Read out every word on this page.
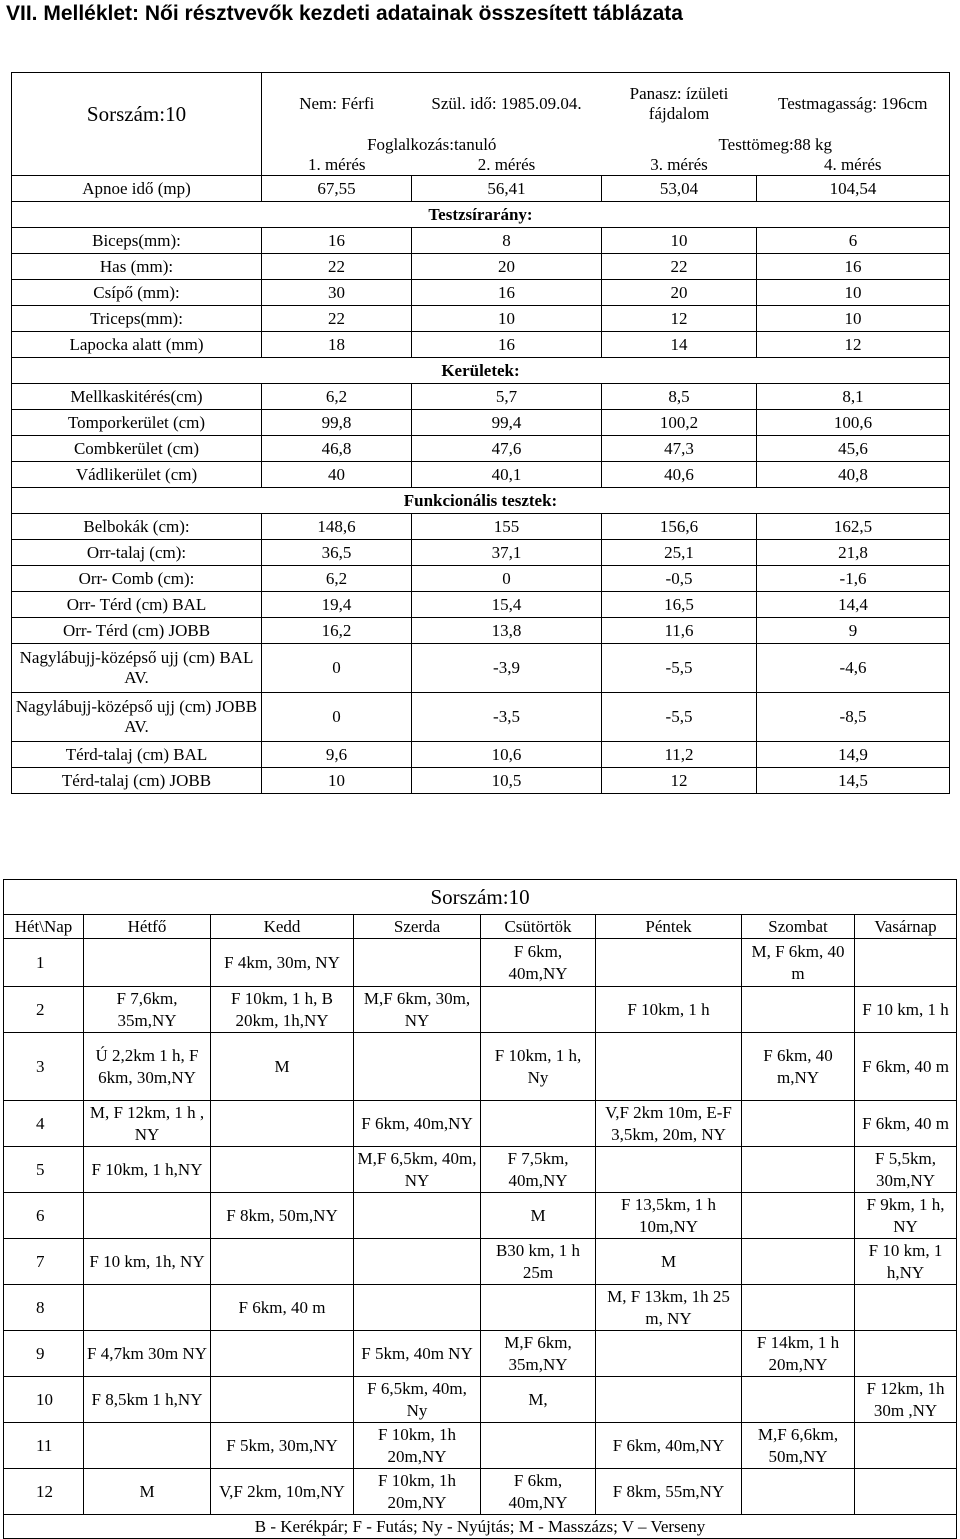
VII. Melléklet: Női résztvevők kezdeti adatainak összesített táblázata
Sorszám:10	Nem: Férfi	Szül. idő: 1985.09.04.	Panasz: ízületi fájdalom	Testmagasság: 196cm
	Foglalkozás:tanuló		Testtömeg:88 kg	
	1. mérés	2. mérés	3. mérés	4. mérés
Apnoe idő (mp)	67,55	56,41	53,04	104,54
Testzsírarány:				
Biceps(mm):	16	8	10	6
Has (mm):	22	20	22	16
Csípő (mm):	30	16	20	10
Triceps(mm):	22	10	12	10
Lapocka alatt (mm)	18	16	14	12
Kerületek:				
Mellkaskitérés(cm)	6,2	5,7	8,5	8,1
Tomporkerület (cm)	99,8	99,4	100,2	100,6
Combkerület (cm)	46,8	47,6	47,3	45,6
Vádlikerület (cm)	40	40,1	40,6	40,8
Funkcionális tesztek:				
Belbokák (cm):	148,6	155	156,6	162,5
Orr-talaj (cm):	36,5	37,1	25,1	21,8
Orr- Comb (cm):	6,2	0	-0,5	-1,6
Orr- Térd (cm) BAL	19,4	15,4	16,5	14,4
Orr- Térd (cm) JOBB	16,2	13,8	11,6	9
Nagylábujj-középső ujj (cm) BAL AV.	0	-3,9	-5,5	-4,6
Nagylábujj-középső ujj (cm) JOBB AV.	0	-3,5	-5,5	-8,5
Térd-talaj (cm) BAL	9,6	10,6	11,2	14,9
Térd-talaj (cm) JOBB	10	10,5	12	14,5
Sorszám:10							
Hét\Nap	Hétfő	Kedd	Szerda	Csütörtök	Péntek	Szombat	Vasárnap
1		F 4km, 30m, NY		F 6km, 40m,NY		M, F 6km, 40 m	
2	F 7,6km, 35m,NY	F 10km, 1 h, B 20km, 1h,NY	M,F 6km, 30m, NY		F 10km, 1 h		F 10 km, 1 h
3	Ú 2,2km 1 h, F 6km, 30m,NY	M		F 10km, 1 h, Ny		F 6km, 40 m,NY	F 6km, 40 m
4	M, F 12km, 1 h , NY		F 6km, 40m,NY		V,F 2km 10m, E-F 3,5km, 20m, NY		F 6km, 40 m
5	F 10km, 1 h,NY		M,F 6,5km, 40m, NY	F 7,5km, 40m,NY			F 5,5km, 30m,NY
6		F 8km, 50m,NY		M	F 13,5km, 1 h 10m,NY		F 9km, 1 h, NY
7	F 10 km, 1h, NY			B30 km, 1 h 25m	M		F 10 km, 1 h,NY
8		F 6km, 40 m			M, F 13km, 1h 25 m, NY		
9	F 4,7km 30m NY		F 5km, 40m NY	M,F 6km, 35m,NY		F 14km, 1 h 20m,NY	
10	F 8,5km 1 h,NY		F 6,5km, 40m, Ny	M,			F 12km, 1h 30m ,NY
11		F 5km, 30m,NY	F 10km, 1h 20m,NY		F 6km, 40m,NY	M,F 6,6km, 50m,NY	
12	M	V,F 2km, 10m,NY	F 10km, 1h 20m,NY	F 6km, 40m,NY	F 8km, 55m,NY		
B - Kerékpár; F - Futás; Ny - Nyújtás; M - Masszázs; V – Verseny							
